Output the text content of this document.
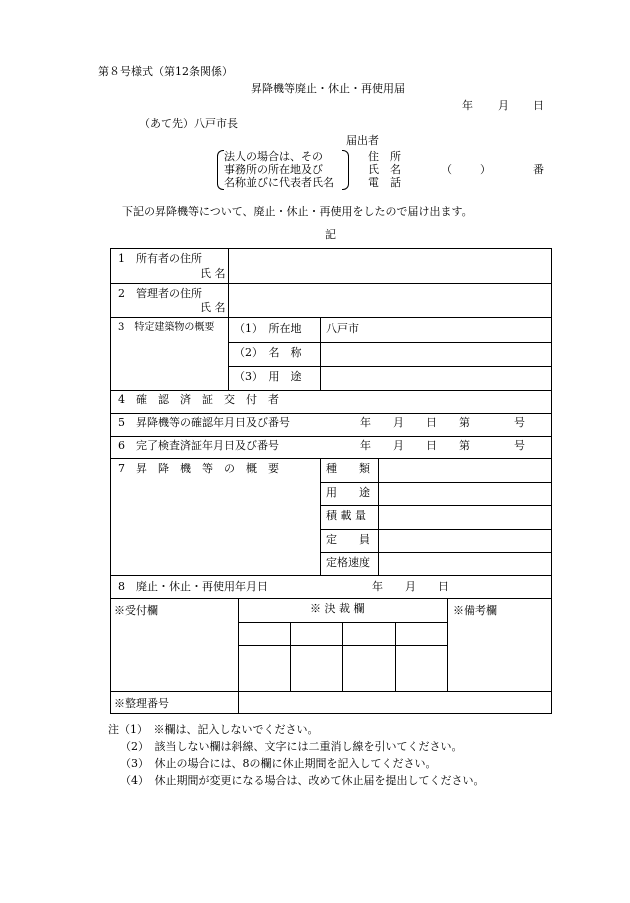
第８号様式（第12条関係）
昇降機等廃止・休止・再使用届
年 月 日
（あて先）八戸市長
届出者
法人の場合は、その
事務所の所在地及び
名称並びに代表者氏名
住　所
氏　名
電　話
（	）	番
下記の昇降機等について、廃止・休止・再使用をしたので届け出ます。
記
1　所有者の住所
氏 名
2　管理者の住所
氏 名
3　特定建築物の概要 （1）　所在地 八戸市
（2）　名　称
（3）　用　途
4　確　認　済　証　交　付　者
5　昇降機等の確認年月日及び番号	年　　月　　日　　第　　　　号
6　完了検査済証年月日及び番号	年　　月　　日　　第　　　　号
7　昇　降　機　等　の　概　要	種　　類
用　　途
積 載 量
定　　員
定格速度
8　廃止・休止・再使用年月日	年　　月　　日
※受付欄	※ 決 裁 欄	※備考欄
※整理番号
注（1）　※欄は、記入しないでください。
（2）　該当しない欄は斜線、文字には二重消し線を引いてください。
（3）　休止の場合には、8の欄に休止期間を記入してください。
（4）　休止期間が変更になる場合は、改めて休止届を提出してください。
